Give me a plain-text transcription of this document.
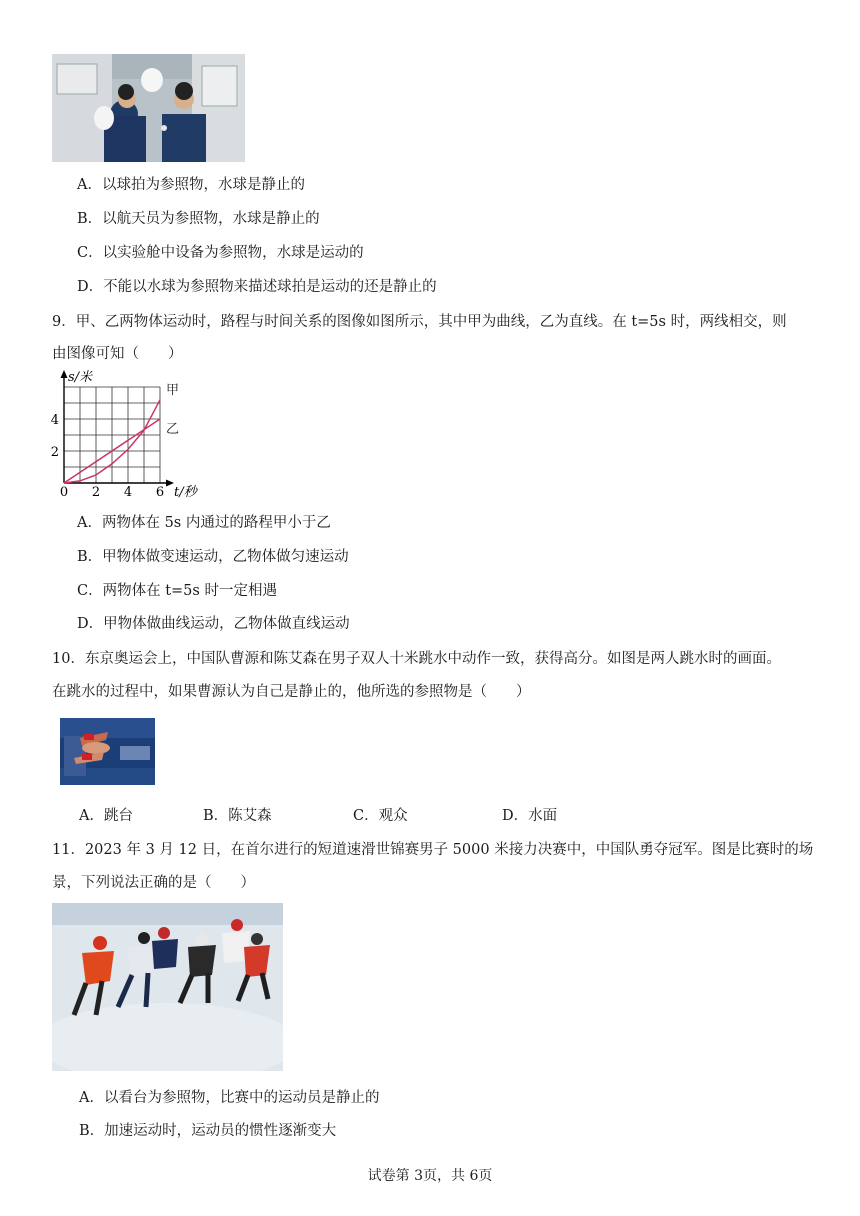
A．以球拍为参照物，水球是静止的
B．以航天员为参照物，水球是静止的
C．以实验舱中设备为参照物，水球是运动的
D．不能以水球为参照物来描述球拍是运动的还是静止的
9．甲、乙两物体运动时，路程与时间关系的图像如图所示，其中甲为曲线，乙为直线。在 t=5s 时，两线相交，则
由图像可知（　　）
0 2 4 6
2
4
甲
乙
s/米
t/秒
A．两物体在 5s 内通过的路程甲小于乙
B．甲物体做变速运动，乙物体做匀速运动
C．两物体在 t=5s 时一定相遇
D．甲物体做曲线运动，乙物体做直线运动
10．东京奥运会上，中国队曹源和陈艾森在男子双人十米跳水中动作一致，获得高分。如图是两人跳水时的画面。
在跳水的过程中，如果曹源认为自己是静止的，他所选的参照物是（　　）
A．跳台	B．陈艾森	C．观众	D．水面
11．2023 年 3 月 12 日，在首尔进行的短道速滑世锦赛男子 5000 米接力决赛中，中国队勇夺冠军。图是比赛时的场
景，下列说法正确的是（　　）
A．以看台为参照物，比赛中的运动员是静止的
B．加速运动时，运动员的惯性逐渐变大
试卷第 3页，共 6页
